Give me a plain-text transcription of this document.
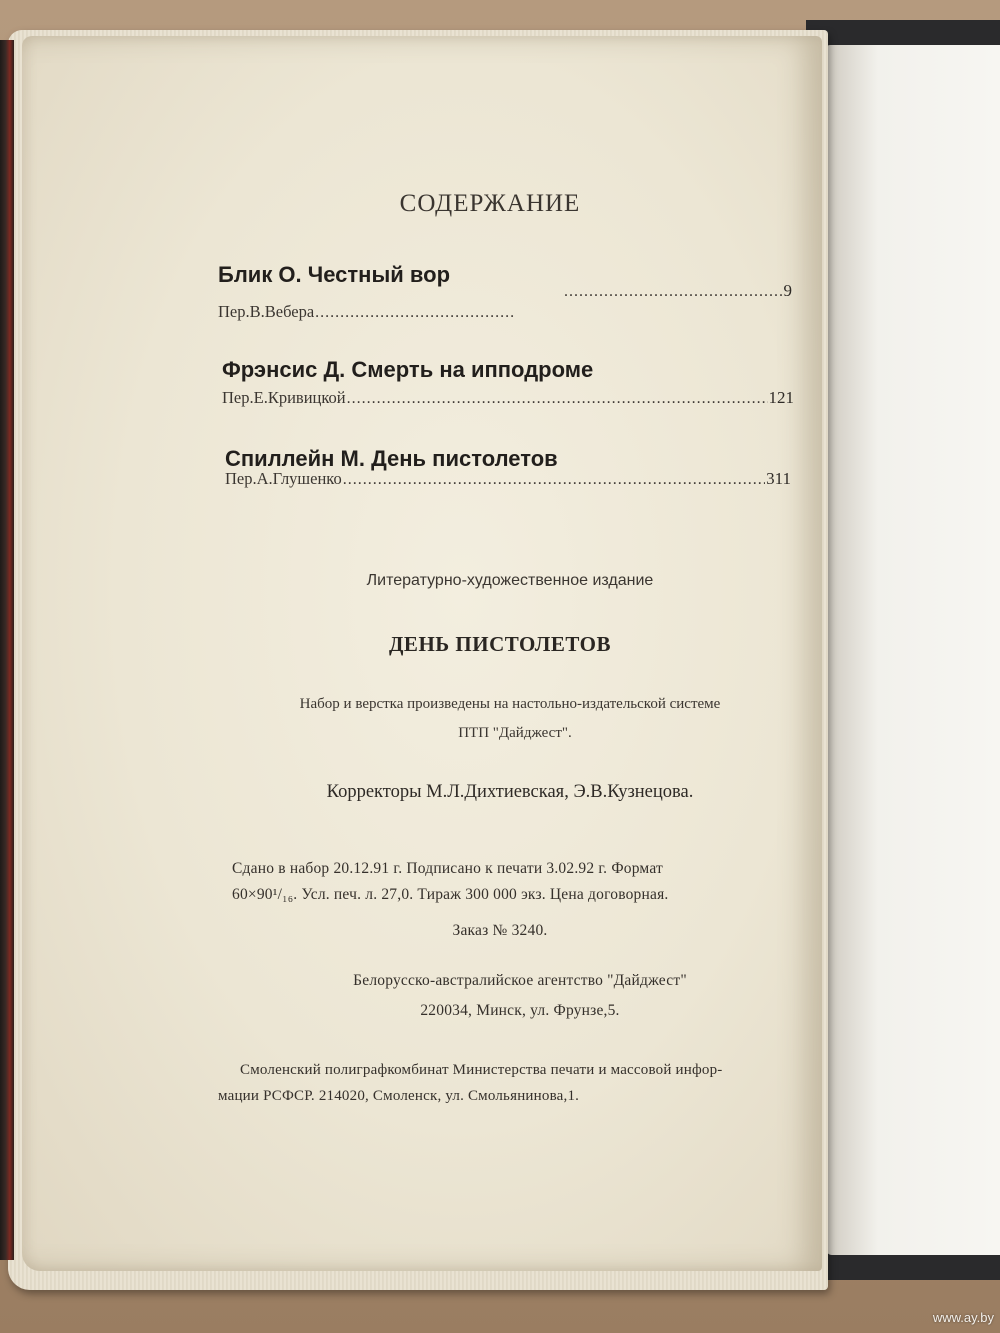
СОДЕРЖАНИЕ
Блик О. Честный вор
.....
9
Пер.В.Вебера
.....
Фрэнсис Д. Смерть на ипподроме
Пер.Е.Кривицкой .....	121
Спиллейн М. День пистолетов
Пер.А.Глушенко .....	311
Литературно-художественное издание
ДЕНЬ ПИСТОЛЕТОВ
Набор и верстка произведены на настольно-издательской системе
ПТП "Дайджест".
Корректоры М.Л.Дихтиевская, Э.В.Кузнецова.
Сдано в набор 20.12.91 г. Подписано к печати 3.02.92 г. Формат
60×90¹/₁₆. Усл. печ. л. 27,0. Тираж 300 000 экз. Цена договорная.
Заказ № 3240.
Белорусско-австралийское агентство "Дайджест"
220034, Минск, ул. Фрунзе,5.
Смоленский полиграфкомбинат Министерства печати и массовой инфор-
мации РСФСР. 214020, Смоленск, ул. Смольянинова,1.
www.ay.by
